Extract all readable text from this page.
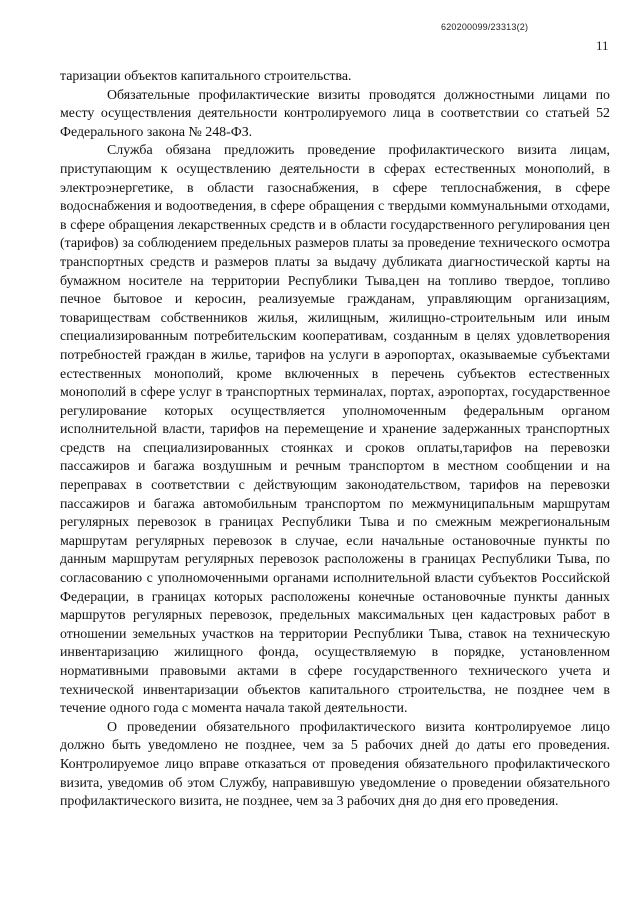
620200099/23313(2)
11

таризации объектов капитального строительства.

Обязательные профилактические визиты проводятся должностными лицами по месту осуществления деятельности контролируемого лица в соответствии со статьей 52 Федерального закона № 248-ФЗ.

Служба обязана предложить проведение профилактического визита лицам, приступающим к осуществлению деятельности в сферах естественных монополий, в электроэнергетике, в области газоснабжения, в сфере теплоснабжения, в сфере водоснабжения и водоотведения, в сфере обращения с твердыми коммунальными отходами, в сфере обращения лекарственных средств и в области государственного регулирования цен (тарифов) за соблюдением предельных размеров платы за проведение технического осмотра транспортных средств и размеров платы за выдачу дубликата диагностической карты на бумажном носителе на территории Республики Тыва,цен на топливо твердое, топливо печное бытовое и керосин, реализуемые гражданам, управляющим организациям, товариществам собственников жилья, жилищным, жилищно-строительным или иным специализированным потребительским кооперативам, созданным в целях удовлетворения потребностей граждан в жилье, тарифов на услуги в аэропортах, оказываемые субъектами естественных монополий, кроме включенных в перечень субъектов естественных монополий в сфере услуг в транспортных терминалах, портах, аэропортах, государственное регулирование которых осуществляется уполномоченным федеральным органом исполнительной власти, тарифов на перемещение и хранение задержанных транспортных средств на специализированных стоянках и сроков оплаты,тарифов на перевозки пассажиров и багажа воздушным и речным транспортом в местном сообщении и на переправах в соответствии с действующим законодательством, тарифов на перевозки пассажиров и багажа автомобильным транспортом по межмуниципальным маршрутам регулярных перевозок в границах Республики Тыва и по смежным межрегиональным маршрутам регулярных перевозок в случае, если начальные остановочные пункты по данным маршрутам регулярных перевозок расположены в границах Республики Тыва, по согласованию с уполномоченными органами исполнительной власти субъектов Российской Федерации, в границах которых расположены конечные остановочные пункты данных маршрутов регулярных перевозок, предельных максимальных цен кадастровых работ в отношении земельных участков на территории Республики Тыва, ставок на техническую инвентаризацию жилищного фонда, осуществляемую в порядке, установленном нормативными правовыми актами в сфере государственного технического учета и технической инвентаризации объектов капитального строительства, не позднее чем в течение одного года с момента начала такой деятельности.

О проведении обязательного профилактического визита контролируемое лицо должно быть уведомлено не позднее, чем за 5 рабочих дней до даты его проведения. Контролируемое лицо вправе отказаться от проведения обязательного профилактического визита, уведомив об этом Службу, направившую уведомление о проведении обязательного профилактического визита, не позднее, чем за 3 рабочих дня до дня его проведения.
